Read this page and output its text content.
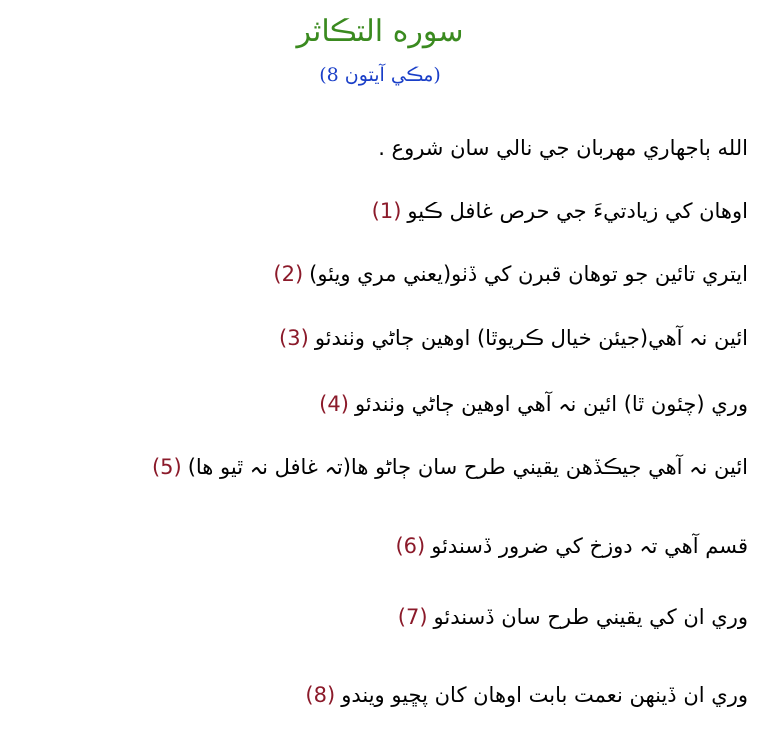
سوره التڪاثر
(مڪي آيتون 8)
الله ٻاجهاري مهربان جي نالي سان شروع .
اوهان کي زيادتيءَ جي حرص غافل ڪيو(1)
ايتري تائين جو توهان قبرن کي ڏٺو(يعني مري ويئو)(2)
ائين نہ آهي(جيئن خيال ڪريوٿا) اوهين ڄاڻي وٺندئو(3)
وري (چئون ٿا) ائين نہ آهي اوهين ڄاڻي وٺندئو(4)
ائين نہ آهي جيڪڏهن يقيني طرح سان ڄاڻو ها(تہ غافل نہ ٿيو ها)(5)
قسم آهي تہ دوزخ کي ضرور ڏسندئو(6)
وري ان کي يقيني طرح سان ڏسندئو(7)
وري ان ڏينهن نعمت بابت اوهان کان پڇيو ويندو(8)
